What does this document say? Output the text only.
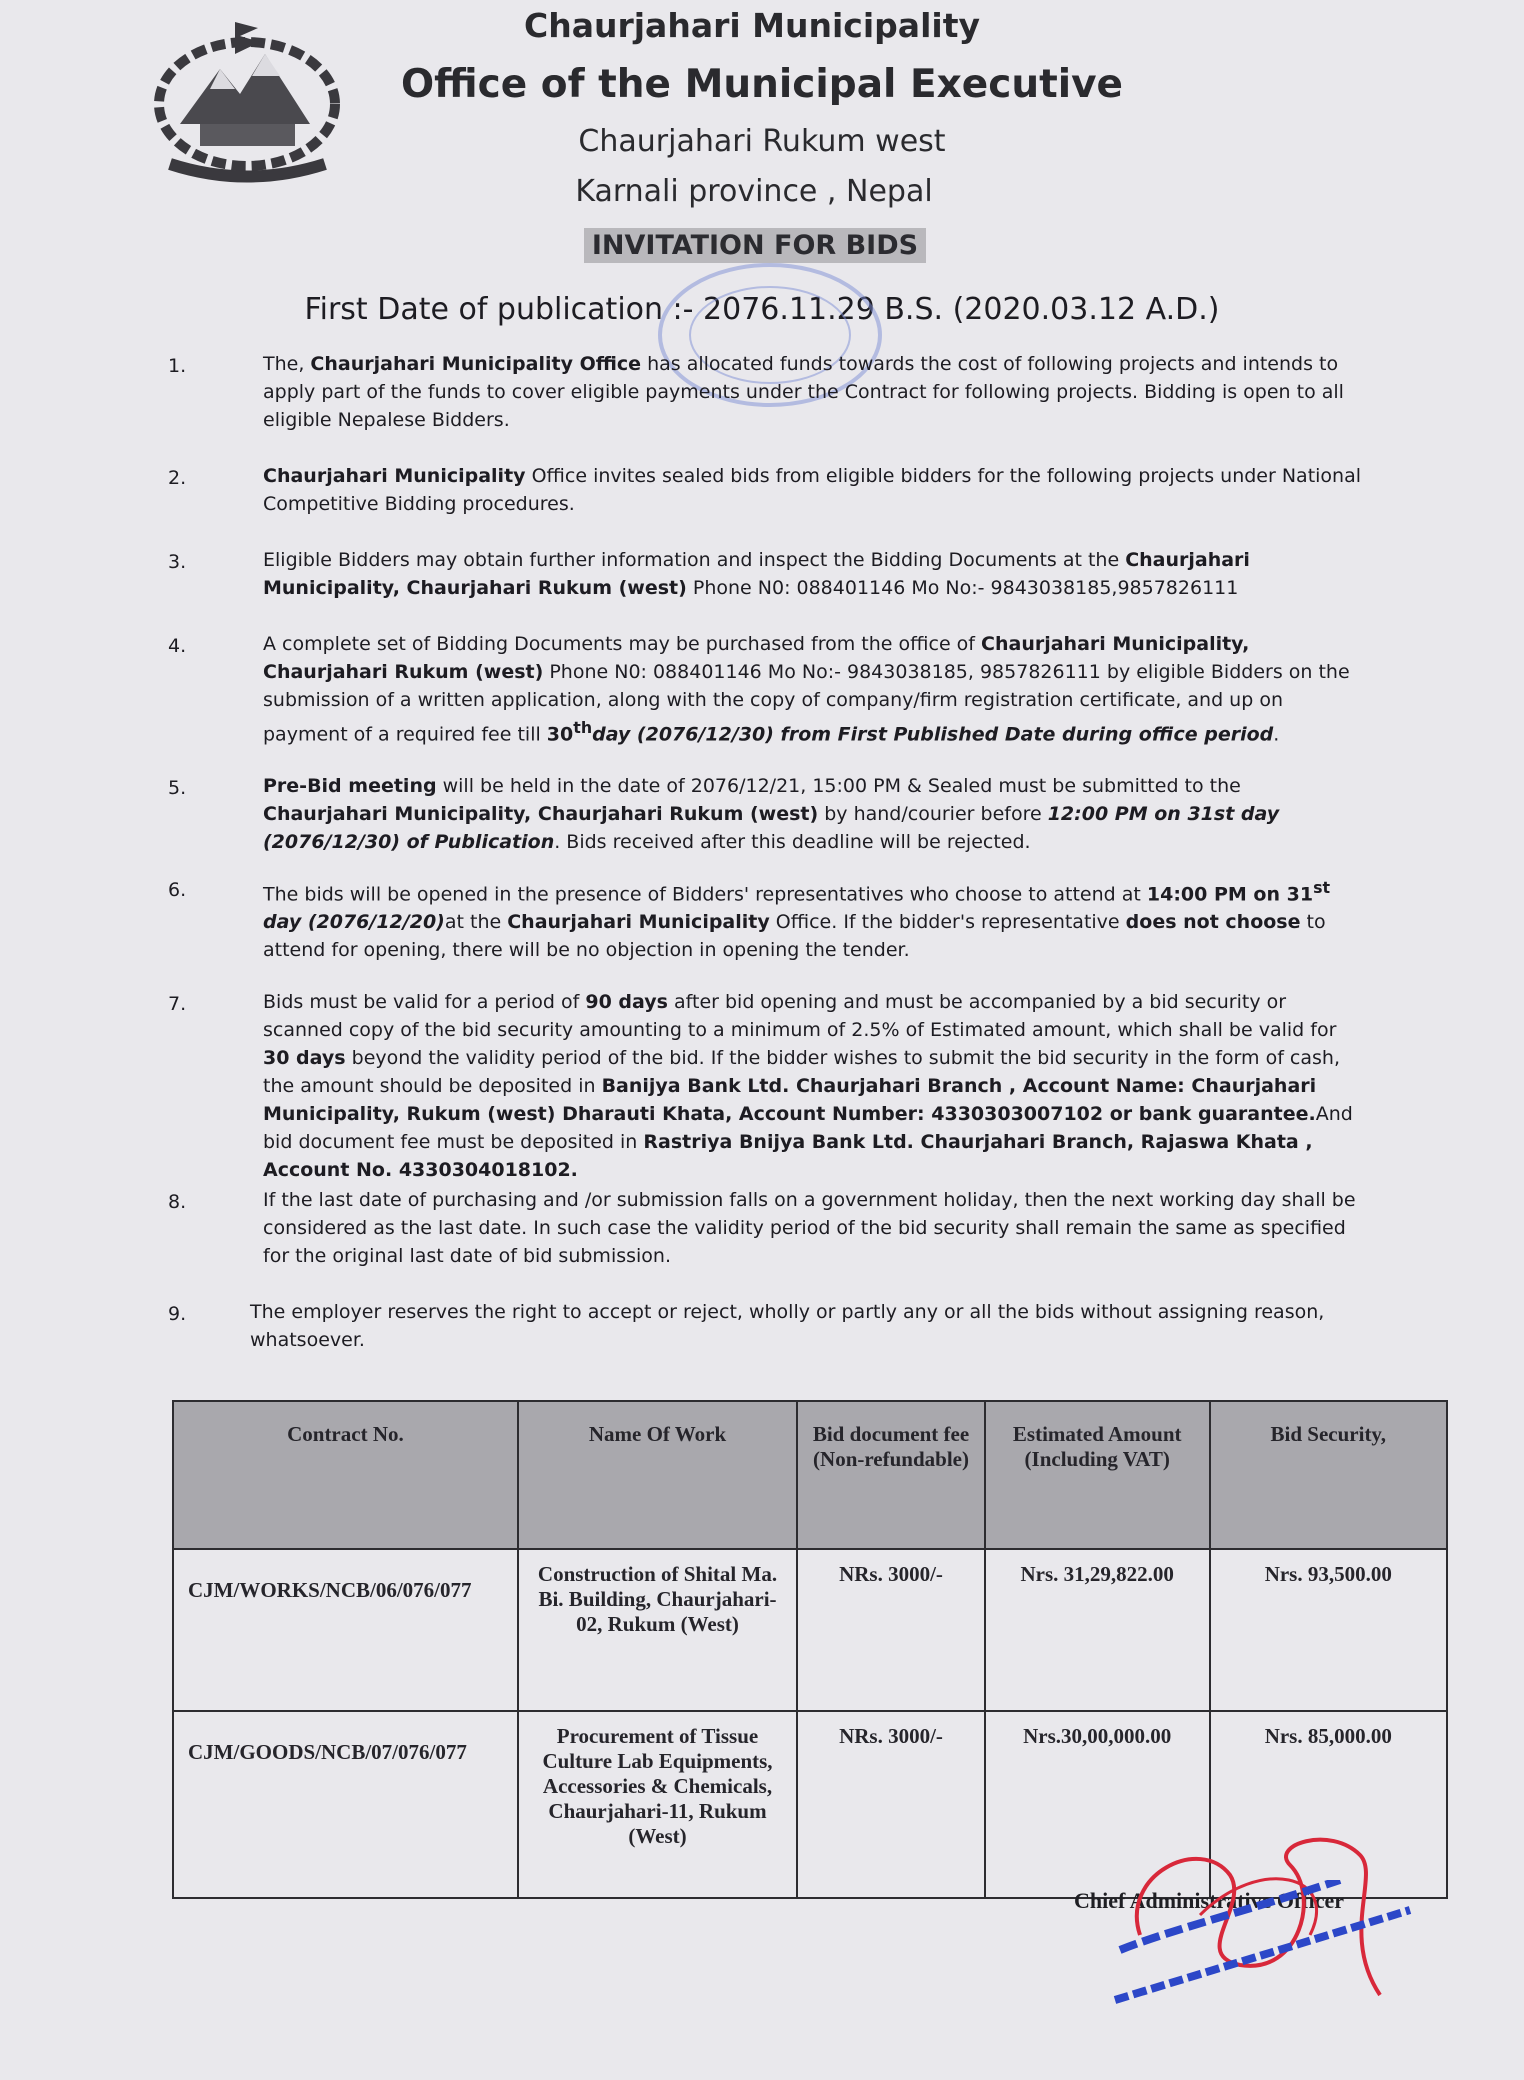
Chaurjahari Municipality
Office of the Municipal Executive
Chaurjahari Rukum west
Karnali province , Nepal
INVITATION FOR BIDS
First Date of publication :- 2076.11.29 B.S. (2020.03.12 A.D.)
1.	The, Chaurjahari Municipality Office has allocated funds towards the cost of following projects and intends to apply part of the funds to cover eligible payments under the Contract for following projects. Bidding is open to all eligible Nepalese Bidders.
2.	Chaurjahari Municipality Office invites sealed bids from eligible bidders for the following projects under National Competitive Bidding procedures.
3.	Eligible Bidders may obtain further information and inspect the Bidding Documents at the Chaurjahari Municipality, Chaurjahari Rukum (west) Phone N0: 088401146 Mo No:- 9843038185,9857826111
4.	A complete set of Bidding Documents may be purchased from the office of Chaurjahari Municipality, Chaurjahari Rukum (west) Phone N0: 088401146 Mo No:- 9843038185, 9857826111 by eligible Bidders on the submission of a written application, along with the copy of company/firm registration certificate, and up on payment of a required fee till 30thday (2076/12/30) from First Published Date during office period.
5.	Pre-Bid meeting will be held in the date of 2076/12/21, 15:00 PM & Sealed must be submitted to the Chaurjahari Municipality, Chaurjahari Rukum (west) by hand/courier before 12:00 PM on 31st day (2076/12/30) of Publication. Bids received after this deadline will be rejected.
6.	The bids will be opened in the presence of Bidders' representatives who choose to attend at 14:00 PM on 31st day (2076/12/20)at the Chaurjahari Municipality Office. If the bidder's representative does not choose to attend for opening, there will be no objection in opening the tender.
7.	Bids must be valid for a period of 90 days after bid opening and must be accompanied by a bid security or scanned copy of the bid security amounting to a minimum of 2.5% of Estimated amount, which shall be valid for 30 days beyond the validity period of the bid. If the bidder wishes to submit the bid security in the form of cash, the amount should be deposited in Banijya Bank Ltd. Chaurjahari Branch , Account Name: Chaurjahari Municipality, Rukum (west) Dharauti Khata, Account Number: 4330303007102 or bank guarantee.And bid document fee must be deposited in Rastriya Bnijya Bank Ltd. Chaurjahari Branch, Rajaswa Khata , Account No. 4330304018102.
8.	If the last date of purchasing and /or submission falls on a government holiday, then the next working day shall be considered as the last date. In such case the validity period of the bid security shall remain the same as specified for the original last date of bid submission.
9.	The employer reserves the right to accept or reject, wholly or partly any or all the bids without assigning reason, whatsoever.
Contract No.	Name Of Work	Bid document fee (Non-refundable)	Estimated Amount (Including VAT)	Bid Security,
CJM/WORKS/NCB/06/076/077	Construction of Shital Ma. Bi. Building, Chaurjahari-02, Rukum (West)	NRs. 3000/-	Nrs. 31,29,822.00	Nrs. 93,500.00
CJM/GOODS/NCB/07/076/077	Procurement of Tissue Culture Lab Equipments, Accessories & Chemicals, Chaurjahari-11, Rukum (West)	NRs. 3000/-	Nrs.30,00,000.00	Nrs. 85,000.00
Chief Administrative Officer
